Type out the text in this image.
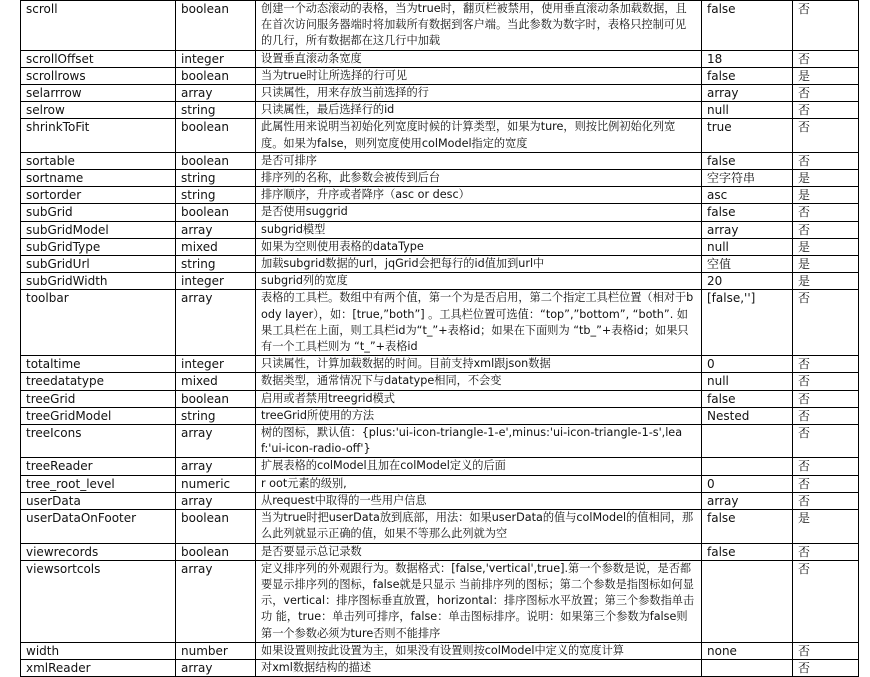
scroll	boolean	创建一个动态滚动的表格，当为true时，翻页栏被禁用，使用垂直滚动条加载数据，且在首次访问服务器端时将加载所有数据到客户端。当此参数为数字时，表格只控制可见的几行，所有数据都在这几行中加载	false	否
scrollOffset	integer	设置垂直滚动条宽度	18	否
scrollrows	boolean	当为true时让所选择的行可见	false	是
selarrrow	array	只读属性，用来存放当前选择的行	array	否
selrow	string	只读属性，最后选择行的id	null	否
shrinkToFit	boolean	此属性用来说明当初始化列宽度时候的计算类型，如果为ture，则按比例初始化列宽度。如果为false，则列宽度使用colModel指定的宽度	true	否
sortable	boolean	是否可排序	false	否
sortname	string	排序列的名称，此参数会被传到后台	空字符串	是
sortorder	string	排序顺序，升序或者降序（asc or desc）	asc	是
subGrid	boolean	是否使用suggrid	false	否
subGridModel	array	subgrid模型	array	否
subGridType	mixed	如果为空则使用表格的dataType	null	是
subGridUrl	string	加载subgrid数据的url，jqGrid会把每行的id值加到url中	空值	是
subGridWidth	integer	subgrid列的宽度	20	是
toolbar	array	表格的工具栏。数组中有两个值，第一个为是否启用，第二个指定工具栏位置（相对于body layer），如：[true,”both”] 。工具栏位置可选值：“top”,”bottom”, “both”. 如果工具栏在上面，则工具栏id为“t_”+表格id；如果在下面则为 “tb_”+表格id；如果只有一个工具栏则为 “t_”+表格id	[false,'']	否
totaltime	integer	只读属性，计算加载数据的时间。目前支持xml跟json数据	0	否
treedatatype	mixed	数据类型，通常情况下与datatype相同，不会变	null	否
treeGrid	boolean	启用或者禁用treegrid模式	false	否
treeGridModel	string	treeGrid所使用的方法	Nested	否
treeIcons	array	树的图标，默认值：{plus:'ui-icon-triangle-1-e',minus:'ui-icon-triangle-1-s',leaf:'ui-icon-radio-off'}		否
treeReader	array	扩展表格的colModel且加在colModel定义的后面		否
tree_root_level	numeric	r oot元素的级别,	0	否
userData	array	从request中取得的一些用户信息	array	否
userDataOnFooter	boolean	当为true时把userData放到底部，用法：如果userData的值与colModel的值相同，那么此列就显示正确的值，如果不等那么此列就为空	false	是
viewrecords	boolean	是否要显示总记录数	false	否
viewsortcols	array	定义排序列的外观跟行为。数据格式：[false,'vertical',true].第一个参数是说，是否都要显示排序列的图标，false就是只显示 当前排序列的图标；第二个参数是指图标如何显示，vertical：排序图标垂直放置，horizontal：排序图标水平放置；第三个参数指单击功 能，true：单击列可排序，false：单击图标排序。说明：如果第三个参数为false则第一个参数必须为ture否则不能排序		否
width	number	如果设置则按此设置为主，如果没有设置则按colModel中定义的宽度计算	none	否
xmlReader	array	对xml数据结构的描述		否
